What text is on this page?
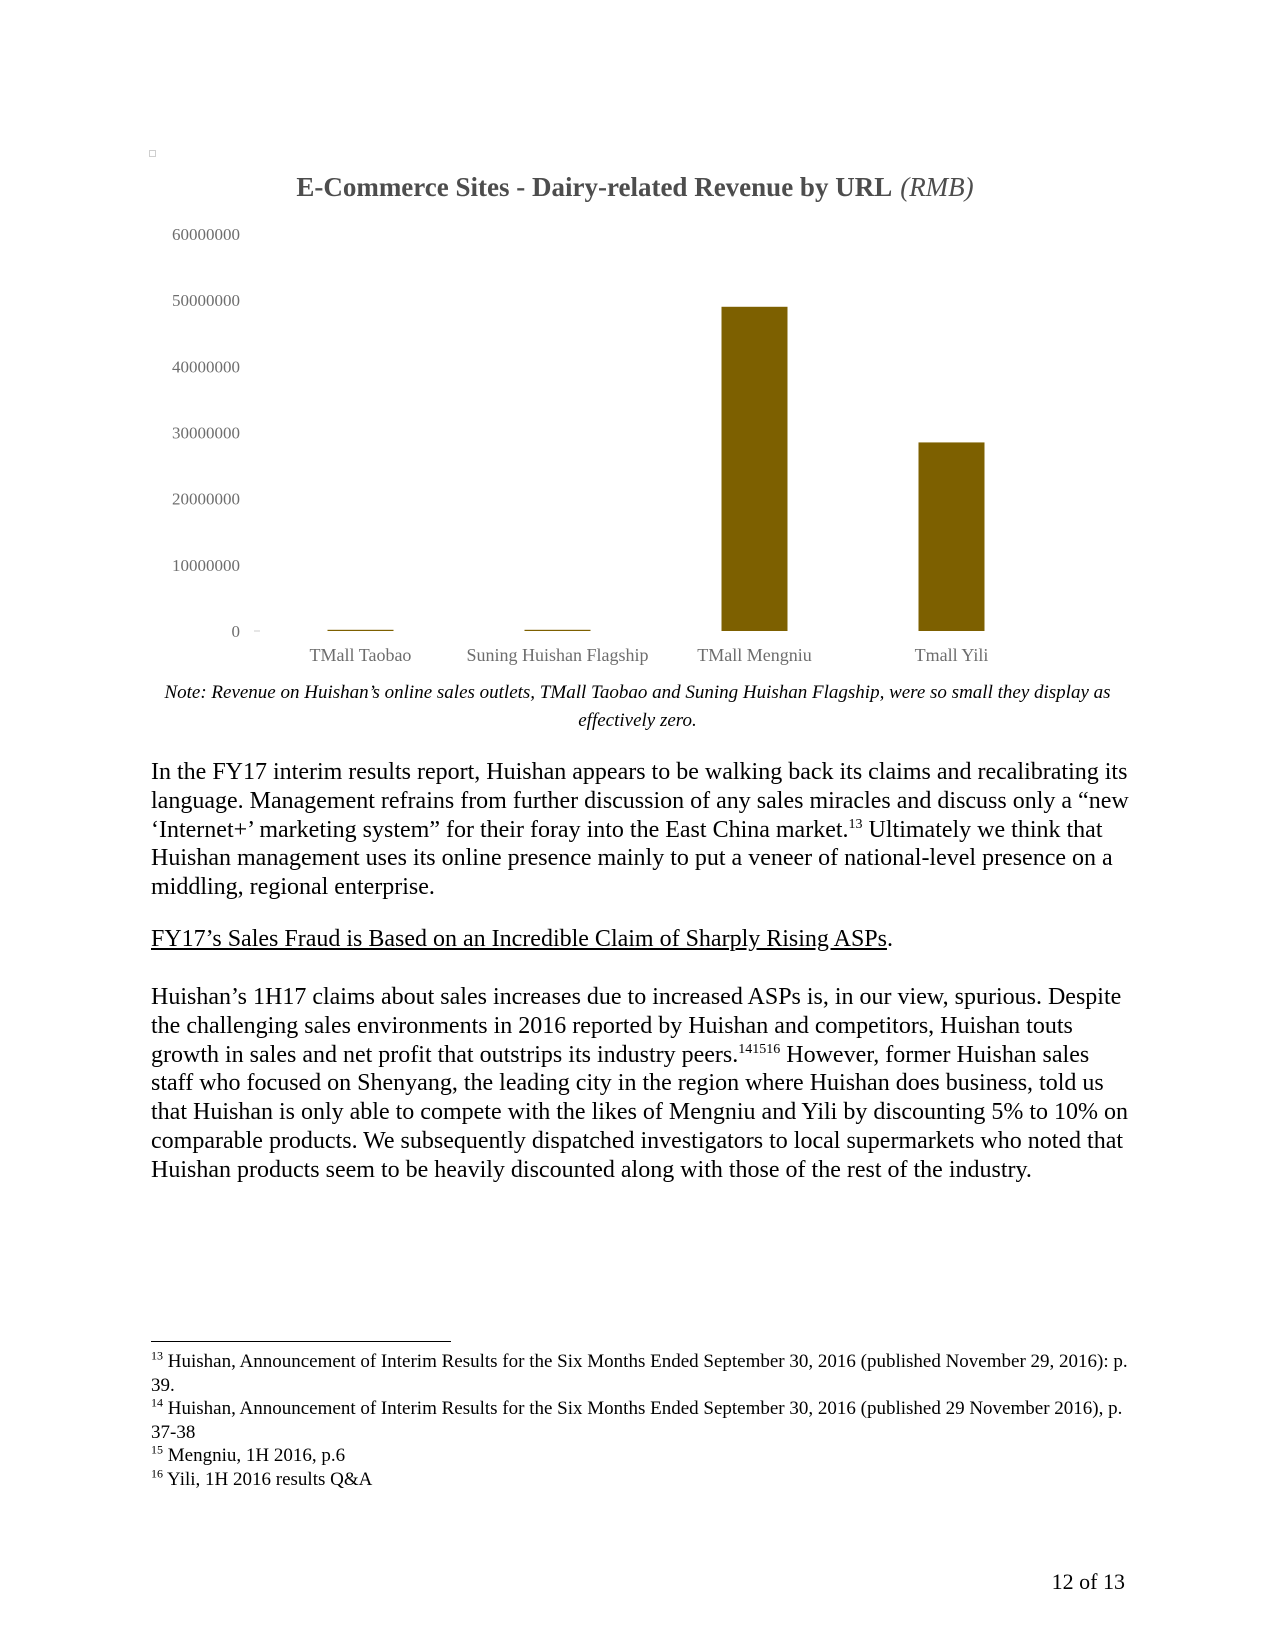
E-Commerce Sites - Dairy-related Revenue by URL (RMB)
0
10000000
20000000
30000000
40000000
50000000
60000000
TMall Taobao	Suning Huishan Flagship	TMall Mengniu	Tmall Yili
Note: Revenue on Huishan’s online sales outlets, TMall Taobao and Suning Huishan Flagship, were so small they display as effectively zero.

In the FY17 interim results report, Huishan appears to be walking back its claims and recalibrating its language. Management refrains from further discussion of any sales miracles and discuss only a “new ‘Internet+’ marketing system” for their foray into the East China market.$^{13}$ Ultimately we think that Huishan management uses its online presence mainly to put a veneer of national-level presence on a middling, regional enterprise.

FY17’s Sales Fraud is Based on an Incredible Claim of Sharply Rising ASPs.

Huishan’s 1H17 claims about sales increases due to increased ASPs is, in our view, spurious. Despite the challenging sales environments in 2016 reported by Huishan and competitors, Huishan touts growth in sales and net profit that outstrips its industry peers.$^{141516}$ However, former Huishan sales staff who focused on Shenyang, the leading city in the region where Huishan does business, told us that Huishan is only able to compete with the likes of Mengniu and Yili by discounting 5% to 10% on comparable products. We subsequently dispatched investigators to local supermarkets who noted that Huishan products seem to be heavily discounted along with those of the rest of the industry.

$^{13}$ Huishan, Announcement of Interim Results for the Six Months Ended September 30, 2016 (published November 29, 2016): p. 39.

$^{14}$ Huishan, Announcement of Interim Results for the Six Months Ended September 30, 2016 (published 29 November 2016), p. 37-38

$^{15}$ Mengniu, 1H 2016, p.6

$^{16}$ Yili, 1H 2016 results Q&A

12 of 13
